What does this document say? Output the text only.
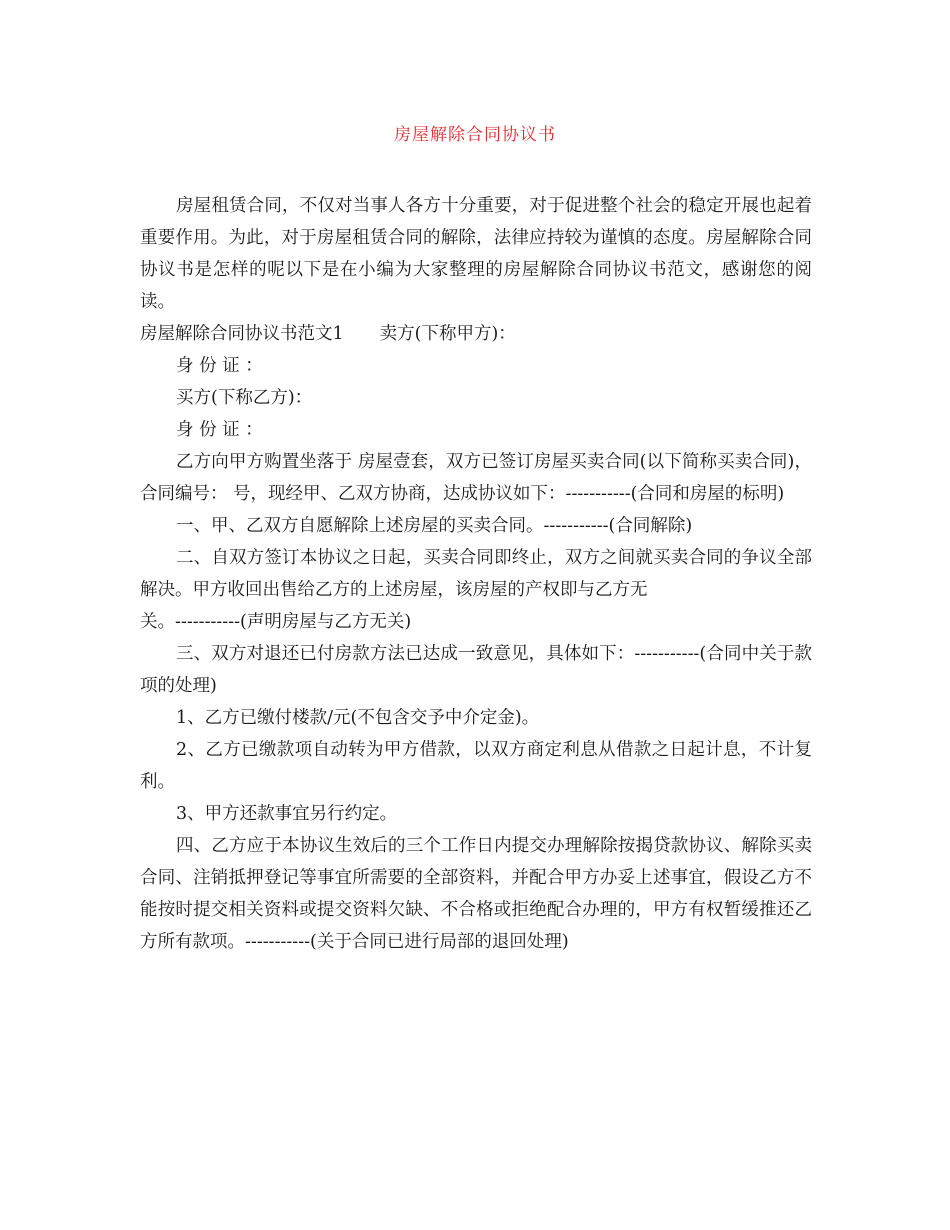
房屋解除合同协议书

房屋租赁合同，不仅对当事人各方十分重要，对于促进整个社会的稳定开展也起着重要作用。为此，对于房屋租赁合同的解除，法律应持较为谨慎的态度。房屋解除合同协议书是怎样的呢以下是在小编为大家整理的房屋解除合同协议书范文，感谢您的阅读。

房屋解除合同协议书范文1 卖方(下称甲方)：

身 份 证 ：

买方(下称乙方)：

身 份 证 ：

乙方向甲方购置坐落于 房屋壹套，双方已签订房屋买卖合同(以下简称买卖合同)，合同编号： 号，现经甲、乙双方协商，达成协议如下：-----------(合同和房屋的标明)

一、甲、乙双方自愿解除上述房屋的买卖合同。-----------(合同解除)

二、自双方签订本协议之日起，买卖合同即终止，双方之间就买卖合同的争议全部解决。甲方收回出售给乙方的上述房屋，该房屋的产权即与乙方无

关。-----------(声明房屋与乙方无关)

三、双方对退还已付房款方法已达成一致意见，具体如下：-----------(合同中关于款项的处理)

1、乙方已缴付楼款/元(不包含交予中介定金)。

2、乙方已缴款项自动转为甲方借款，以双方商定利息从借款之日起计息，不计复利。

3、甲方还款事宜另行约定。

四、乙方应于本协议生效后的三个工作日内提交办理解除按揭贷款协议、解除买卖合同、注销抵押登记等事宜所需要的全部资料，并配合甲方办妥上述事宜，假设乙方不能按时提交相关资料或提交资料欠缺、不合格或拒绝配合办理的，甲方有权暂缓推还乙方所有款项。-----------(关于合同已进行局部的退回处理)
